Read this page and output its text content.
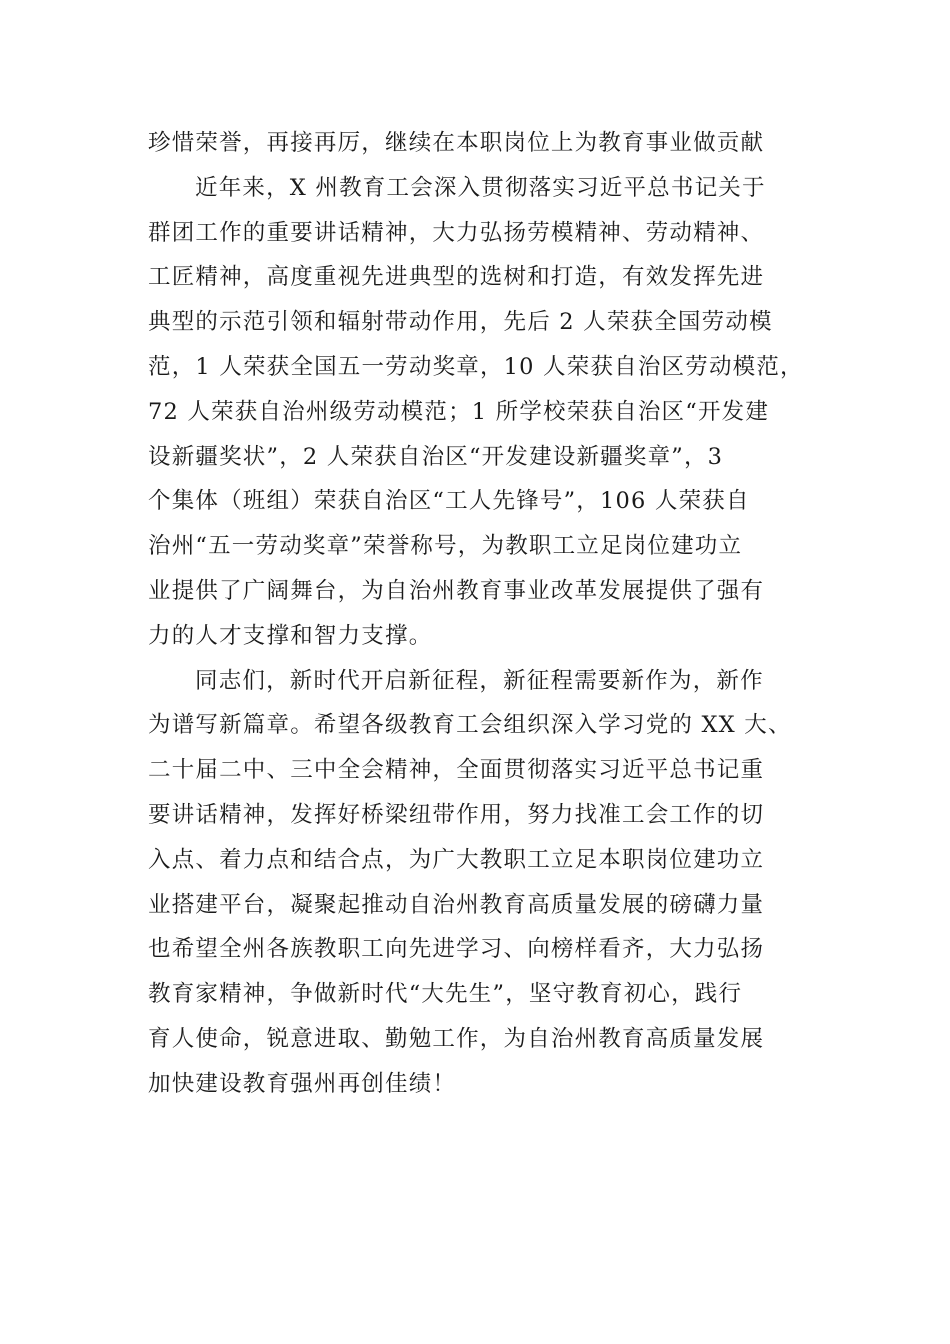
珍惜荣誉，再接再厉，继续在本职岗位上为教育事业做贡献
近年来，X 州教育工会深入贯彻落实习近平总书记关于
群团工作的重要讲话精神，大力弘扬劳模精神、劳动精神、
工匠精神，高度重视先进典型的选树和打造，有效发挥先进
典型的示范引领和辐射带动作用，先后 2 人荣获全国劳动模
范，1 人荣获全国五一劳动奖章，10 人荣获自治区劳动模范，
72 人荣获自治州级劳动模范；1 所学校荣获自治区“开发建
设新疆奖状”，2 人荣获自治区“开发建设新疆奖章”，3
个集体（班组）荣获自治区“工人先锋号”，106 人荣获自
治州“五一劳动奖章”荣誉称号，为教职工立足岗位建功立
业提供了广阔舞台，为自治州教育事业改革发展提供了强有
力的人才支撑和智力支撑。
同志们，新时代开启新征程，新征程需要新作为，新作
为谱写新篇章。希望各级教育工会组织深入学习党的 XX 大、
二十届二中、三中全会精神，全面贯彻落实习近平总书记重
要讲话精神，发挥好桥梁纽带作用，努力找准工会工作的切
入点、着力点和结合点，为广大教职工立足本职岗位建功立
业搭建平台，凝聚起推动自治州教育高质量发展的磅礴力量
也希望全州各族教职工向先进学习、向榜样看齐，大力弘扬
教育家精神，争做新时代“大先生”，坚守教育初心，践行
育人使命，锐意进取、勤勉工作，为自治州教育高质量发展
加快建设教育强州再创佳绩！
